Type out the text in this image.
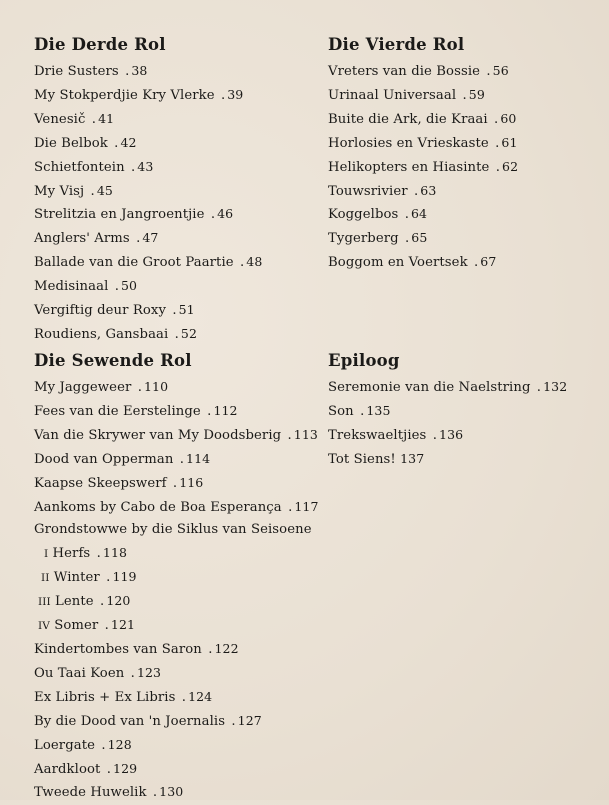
Die Derde Rol
Drie Susters . 38
My Stokperdjie Kry Vlerke . 39
Venesič . 41
Die Belbok . 42
Schietfontein . 43
My Visj . 45
Strelitzia en Jangroentjie . 46
Anglers' Arms . 47
Ballade van die Groot Paartie . 48
Medisinaal . 50
Vergiftig deur Roxy . 51
Roudiens, Gansbaai . 52
Die Vierde Rol
Vreters van die Bossie . 56
Urinaal Universaal . 59
Buite die Ark, die Kraai . 60
Horlosies en Vrieskaste . 61
Helikopters en Hiasinte . 62
Touwsrivier . 63
Koggelbos . 64
Tygerberg . 65
Boggom en Voertsek . 67
Die Sewende Rol
My Jaggeweer . 110
Fees van die Eerstelinge . 112
Van die Skrywer van My Doodsberig . 113
Dood van Opperman . 114
Kaapse Skeepswerf . 116
Aankoms by Cabo de Boa Esperança . 117
Grondstowwe by die Siklus van Seisoene
I Herfs . 118
II Winter . 119
III Lente . 120
IV Somer . 121
Kindertombes van Saron . 122
Ou Taai Koen . 123
Ex Libris + Ex Libris . 124
By die Dood van 'n Joernalis . 127
Loergate . 128
Aardkloot . 129
Tweede Huwelik . 130
Epiloog
Seremonie van die Naelstring . 132
Son . 135
Trekswaeltjies . 136
Tot Siens! 137
